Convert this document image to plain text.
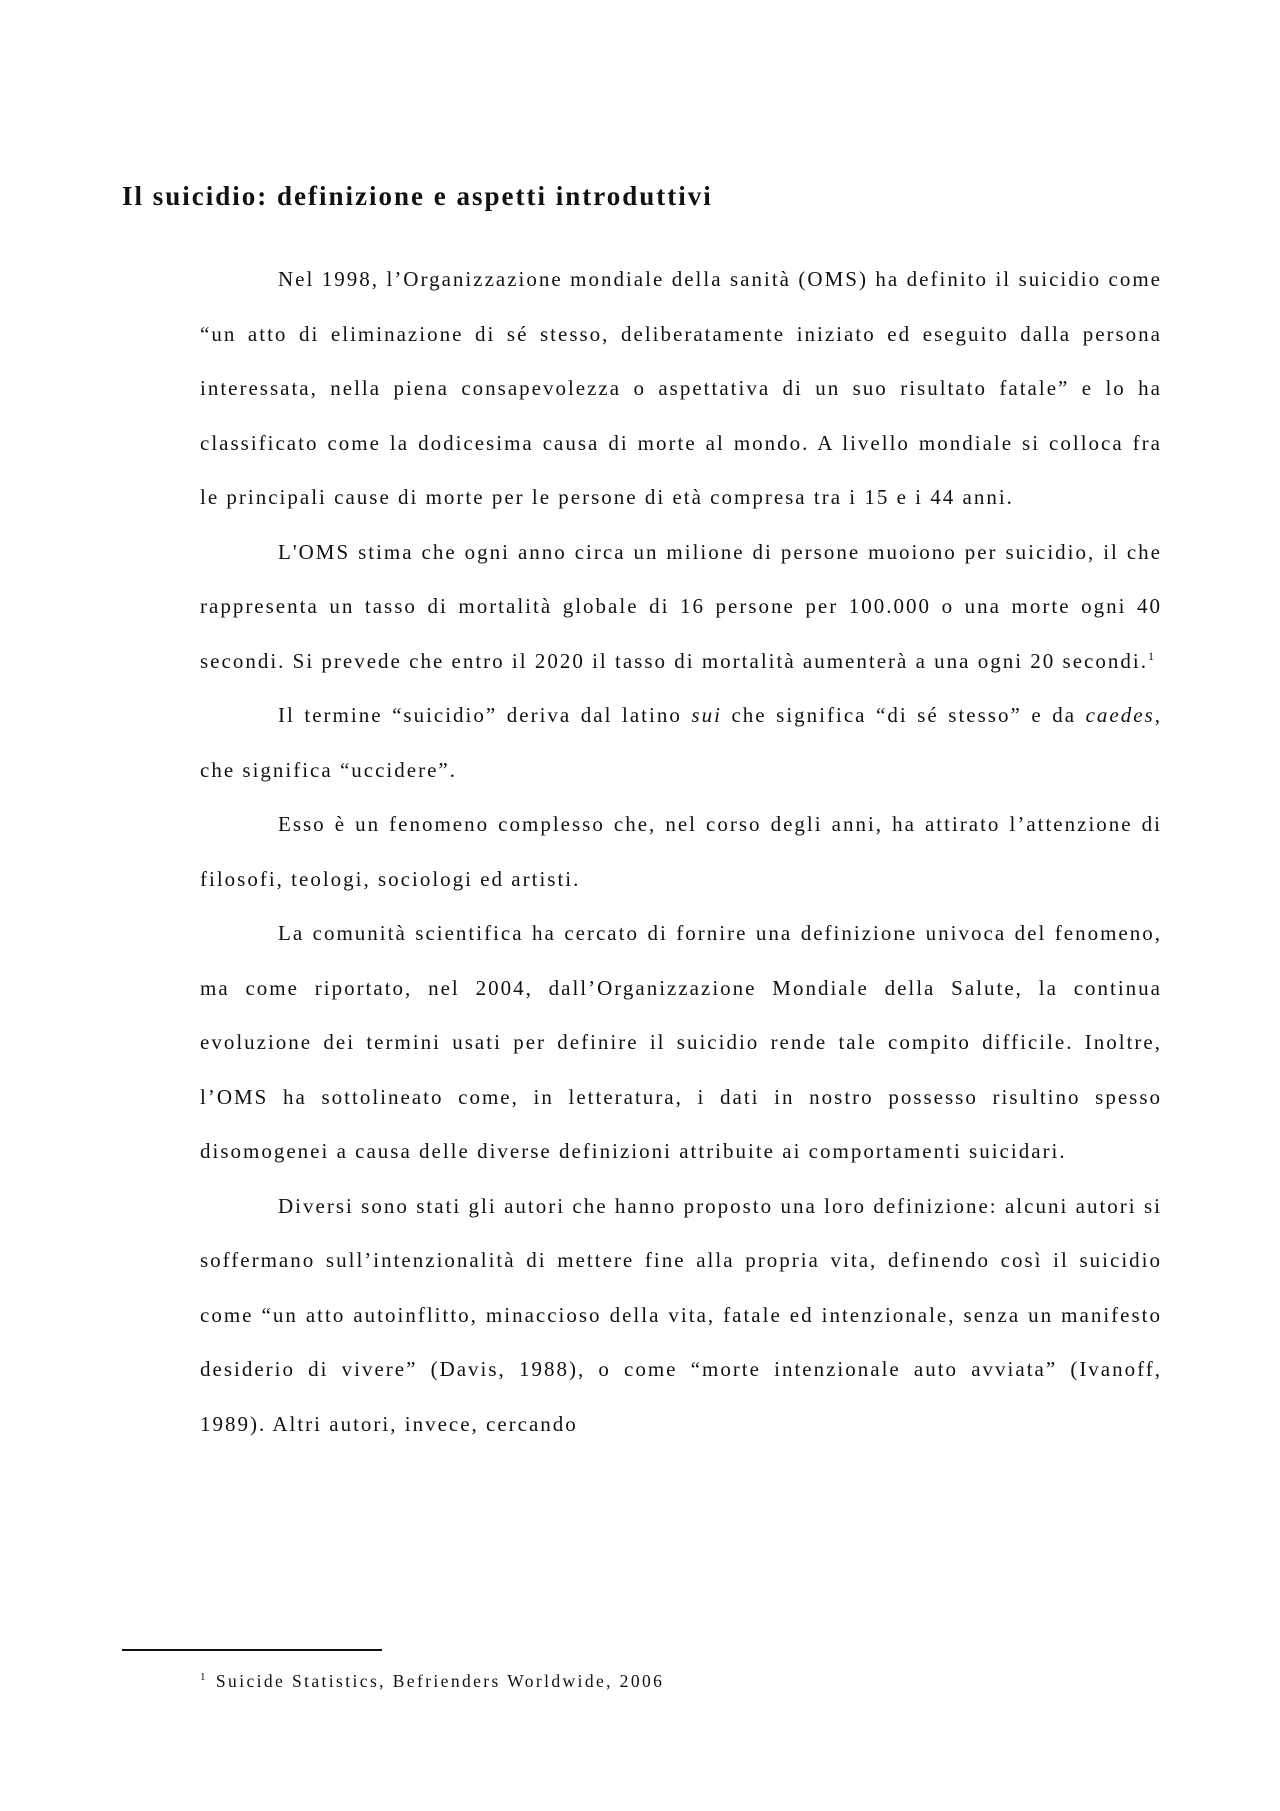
Il suicidio: definizione e aspetti introduttivi

Nel 1998, l’Organizzazione mondiale della sanità (OMS) ha definito il suicidio come “un atto di eliminazione di sé stesso, deliberatamente iniziato ed eseguito dalla persona interessata, nella piena consapevolezza o aspettativa di un suo risultato fatale” e lo ha classificato come la dodicesima causa di morte al mondo. A livello mondiale si colloca fra le principali cause di morte per le persone di età compresa tra i 15 e i 44 anni.

L'OMS stima che ogni anno circa un milione di persone muoiono per suicidio, il che rappresenta un tasso di mortalità globale di 16 persone per 100.000 o una morte ogni 40 secondi. Si prevede che entro il 2020 il tasso di mortalità aumenterà a una ogni 20 secondi.$^1$

Il termine “suicidio” deriva dal latino sui che significa “di sé stesso” e da caedes, che significa “uccidere”.

Esso è un fenomeno complesso che, nel corso degli anni, ha attirato l’attenzione di filosofi, teologi, sociologi ed artisti.

La comunità scientifica ha cercato di fornire una definizione univoca del fenomeno, ma come riportato, nel 2004, dall’Organizzazione Mondiale della Salute, la continua evoluzione dei termini usati per definire il suicidio rende tale compito difficile. Inoltre, l’OMS ha sottolineato come, in letteratura, i dati in nostro possesso risultino spesso disomogenei a causa delle diverse definizioni attribuite ai comportamenti suicidari.

Diversi sono stati gli autori che hanno proposto una loro definizione: alcuni autori si soffermano sull’intenzionalità di mettere fine alla propria vita, definendo così il suicidio come “un atto autoinflitto, minaccioso della vita, fatale ed intenzionale, senza un manifesto desiderio di vivere” (Davis, 1988), o come “morte intenzionale auto avviata” (Ivanoff, 1989). Altri autori, invece, cercando

$^1$ Suicide Statistics, Befrienders Worldwide, 2006
